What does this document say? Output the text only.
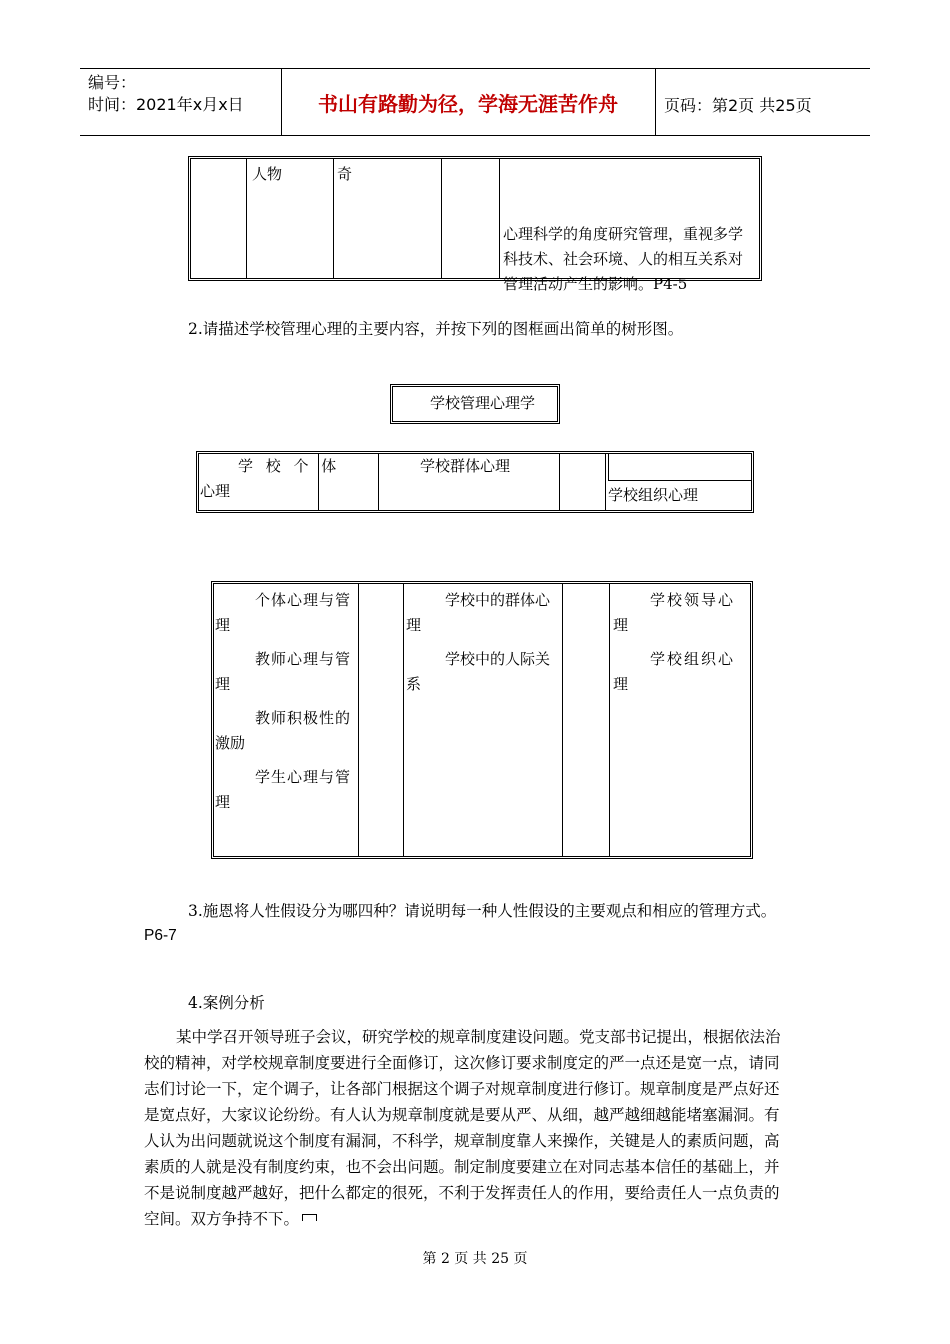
编号：
时间：2021年x月x日	书山有路勤为径，学海无涯苦作舟	页码：第2页 共25页
人物	奇
心理科学的角度研究管理，重视多学
科技术、社会环境、人的相互关系对
管理活动产生的影响。P4-5
2.请描述学校管理心理的主要内容，并按下列的图框画出简单的树形图。
学校管理心理学
学 校 个 体
心理
学校群体心理
学校组织心理
个体心理与管
理
教师心理与管
理
教师积极性的
激励
学生心理与管
理
学校中的群体心
理
学校中的人际关
系
学校领导心
理
学校组织心
理
3.施恩将人性假设分为哪四种？请说明每一种人性假设的主要观点和相应的管理方式。
P6-7
4.案例分析
某中学召开领导班子会议，研究学校的规章制度建设问题。党支部书记提出，根据依法治
校的精神，对学校规章制度要进行全面修订，这次修订要求制度定的严一点还是宽一点，请同
志们讨论一下，定个调子，让各部门根据这个调子对规章制度进行修订。规章制度是严点好还
是宽点好，大家议论纷纷。有人认为规章制度就是要从严、从细，越严越细越能堵塞漏洞。有
人认为出问题就说这个制度有漏洞，不科学，规章制度靠人来操作，关键是人的素质问题，高
素质的人就是没有制度约束，也不会出问题。制定制度要建立在对同志基本信任的基础上，并
不是说制度越严越好，把什么都定的很死，不利于发挥责任人的作用，要给责任人一点负责的
空间。双方争持不下。
第 2 页 共 25 页
